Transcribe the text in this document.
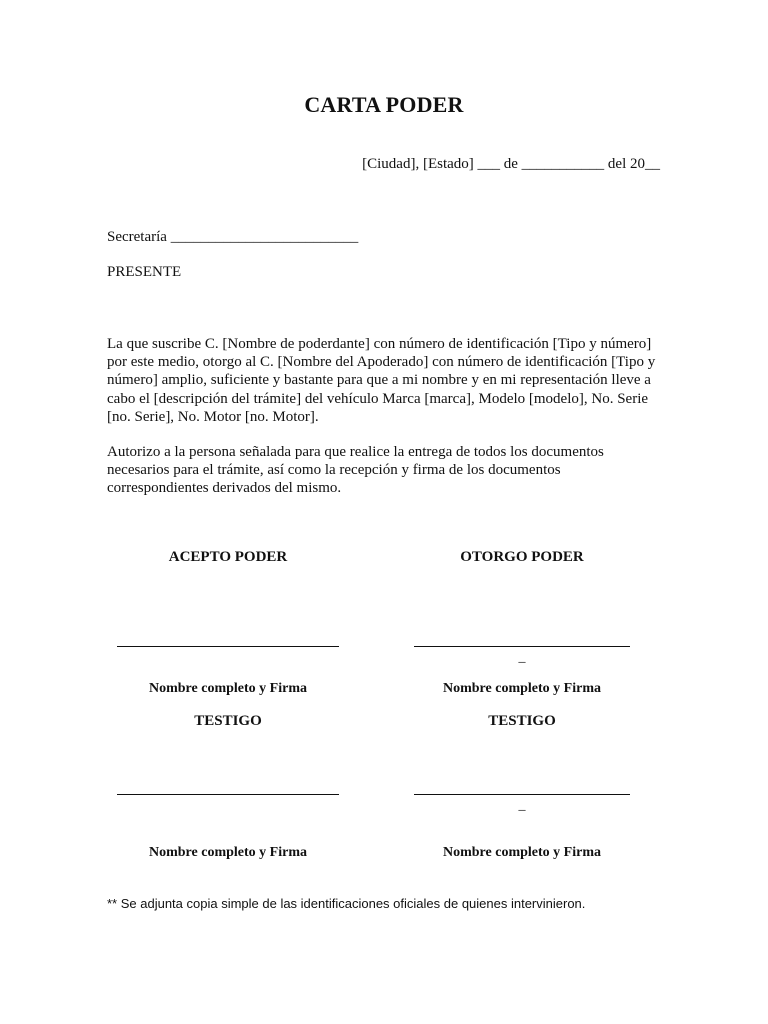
CARTA PODER
[Ciudad], [Estado] ___ de ___________ del 20__
Secretaría _________________________
PRESENTE

La que suscribe C. [Nombre de poderdante] con número de identificación [Tipo y número] por este medio, otorgo al C. [Nombre del Apoderado] con número de identificación [Tipo y número] amplio, suficiente y bastante para que a mi nombre y en mi representación lleve a cabo el [descripción del trámite] del vehículo Marca [marca], Modelo [modelo], No. Serie [no. Serie], No. Motor [no. Motor].

Autorizo a la persona señalada para que realice la entrega de todos los documentos necesarios para el trámite, así como la recepción y firma de los documentos correspondientes derivados del mismo.

ACEPTO PODER	OTORGO PODER
_
Nombre completo y Firma	Nombre completo y Firma
TESTIGO	TESTIGO
_
Nombre completo y Firma	Nombre completo y Firma
** Se adjunta copia simple de las identificaciones oficiales de quienes intervinieron.
